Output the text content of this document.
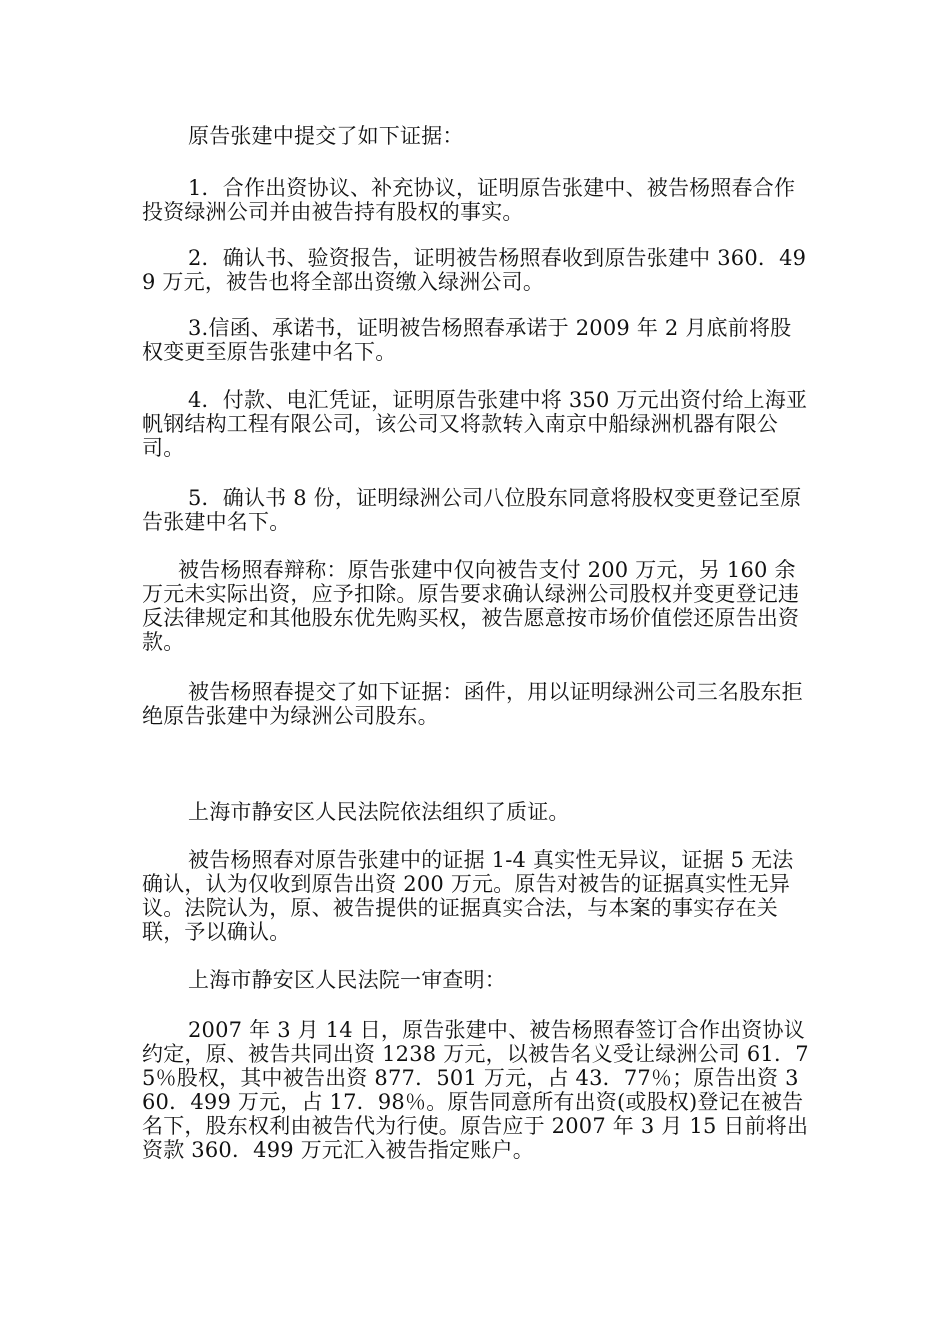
原告张建中提交了如下证据：

1．合作出资协议、补充协议，证明原告张建中、被告杨照春合作投资绿洲公司并由被告持有股权的事实。

2．确认书、验资报告，证明被告杨照春收到原告张建中 360．499 万元，被告也将全部出资缴入绿洲公司。

3.信函、承诺书，证明被告杨照春承诺于 2009 年 2 月底前将股权变更至原告张建中名下。

4．付款、电汇凭证，证明原告张建中将 350 万元出资付给上海亚帆钢结构工程有限公司，该公司又将款转入南京中船绿洲机器有限公司。

5．确认书 8 份，证明绿洲公司八位股东同意将股权变更登记至原告张建中名下。

被告杨照春辩称：原告张建中仅向被告支付 200 万元，另 160 余万元未实际出资，应予扣除。原告要求确认绿洲公司股权并变更登记违反法律规定和其他股东优先购买权，被告愿意按市场价值偿还原告出资款。

被告杨照春提交了如下证据：函件，用以证明绿洲公司三名股东拒绝原告张建中为绿洲公司股东。

上海市静安区人民法院依法组织了质证。

被告杨照春对原告张建中的证据 1-4 真实性无异议，证据 5 无法确认，认为仅收到原告出资 200 万元。原告对被告的证据真实性无异议。法院认为，原、被告提供的证据真实合法，与本案的事实存在关联，予以确认。

上海市静安区人民法院一审查明：

2007 年 3 月 14 日，原告张建中、被告杨照春签订合作出资协议约定，原、被告共同出资 1238 万元，以被告名义受让绿洲公司 61．75％股权，其中被告出资 877．501 万元，占 43．77％；原告出资 360．499 万元，占 17．98％。原告同意所有出资(或股权)登记在被告名下，股东权利由被告代为行使。原告应于 2007 年 3 月 15 日前将出资款 360．499 万元汇入被告指定账户。
